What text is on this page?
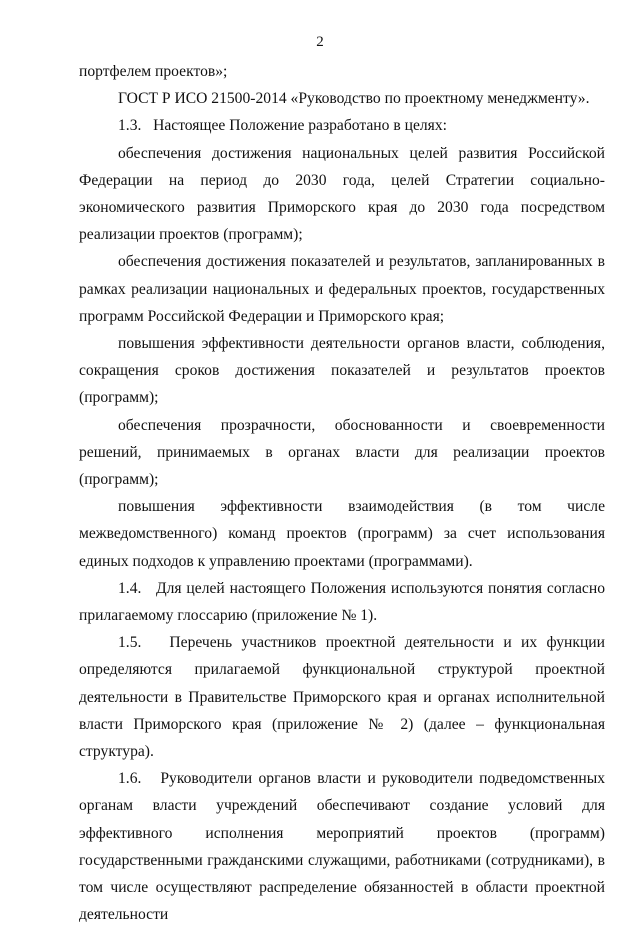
2

портфелем проектов»;

ГОСТ Р ИСО 21500-2014 «Руководство по проектному менеджменту».

1.3.   Настоящее Положение разработано в целях:

обеспечения достижения национальных целей развития Российской Федерации на период до 2030 года, целей Стратегии социально-экономического развития Приморского края до 2030 года посредством реализации проектов (программ);

обеспечения достижения показателей и результатов, запланированных в рамках реализации национальных и федеральных проектов, государственных программ Российской Федерации и Приморского края;

повышения эффективности деятельности органов власти, соблюдения, сокращения сроков достижения показателей и результатов проектов (программ);

обеспечения прозрачности, обоснованности и своевременности решений, принимаемых в органах власти для реализации проектов (программ);

повышения эффективности взаимодействия (в том числе межведомственного) команд проектов (программ) за счет использования единых подходов к управлению проектами (программами).

1.4.   Для целей настоящего Положения используются понятия согласно прилагаемому глоссарию (приложение № 1).

1.5.   Перечень участников проектной деятельности и их функции определяются прилагаемой функциональной структурой проектной деятельности в Правительстве Приморского края и органах исполнительной власти Приморского края (приложение № 2) (далее – функциональная структура).

1.6.   Руководители органов власти и руководители подведомственных органам власти учреждений обеспечивают создание условий для эффективного исполнения мероприятий проектов (программ) государственными гражданскими служащими, работниками (сотрудниками), в том числе осуществляют распределение обязанностей в области проектной деятельности
